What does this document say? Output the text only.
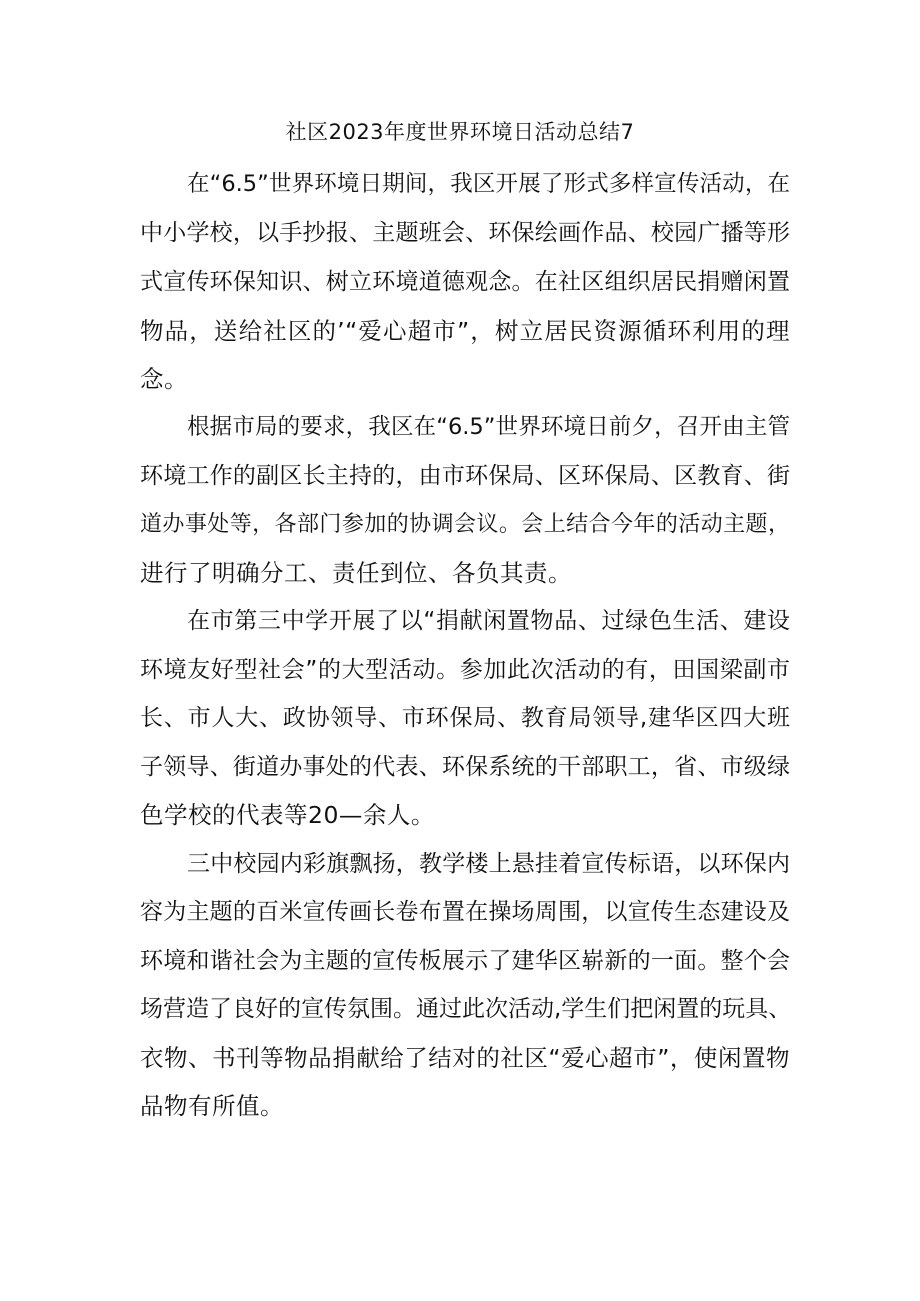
社区2023年度世界环境日活动总结7
在“6.5”世界环境日期间，我区开展了形式多样宣传活动，在
中小学校，以手抄报、主题班会、环保绘画作品、校园广播等形
式宣传环保知识、树立环境道德观念。在社区组织居民捐赠闲置
物品，送给社区的’“爱心超市”，树立居民资源循环利用的理
念。
根据市局的要求，我区在“6.5”世界环境日前夕，召开由主管
环境工作的副区长主持的，由市环保局、区环保局、区教育、街
道办事处等，各部门参加的协调会议。会上结合今年的活动主题，
进行了明确分工、责任到位、各负其责。
在市第三中学开展了以“捐献闲置物品、过绿色生活、建设
环境友好型社会”的大型活动。参加此次活动的有，田国梁副市
长、市人大、政协领导、市环保局、教育局领导,建华区四大班
子领导、街道办事处的代表、环保系统的干部职工，省、市级绿
色学校的代表等20—余人。
三中校园内彩旗飘扬，教学楼上悬挂着宣传标语，以环保内
容为主题的百米宣传画长卷布置在操场周围，以宣传生态建设及
环境和谐社会为主题的宣传板展示了建华区崭新的一面。整个会
场营造了良好的宣传氛围。通过此次活动,学生们把闲置的玩具、
衣物、书刊等物品捐献给了结对的社区“爱心超市”，使闲置物
品物有所值。
